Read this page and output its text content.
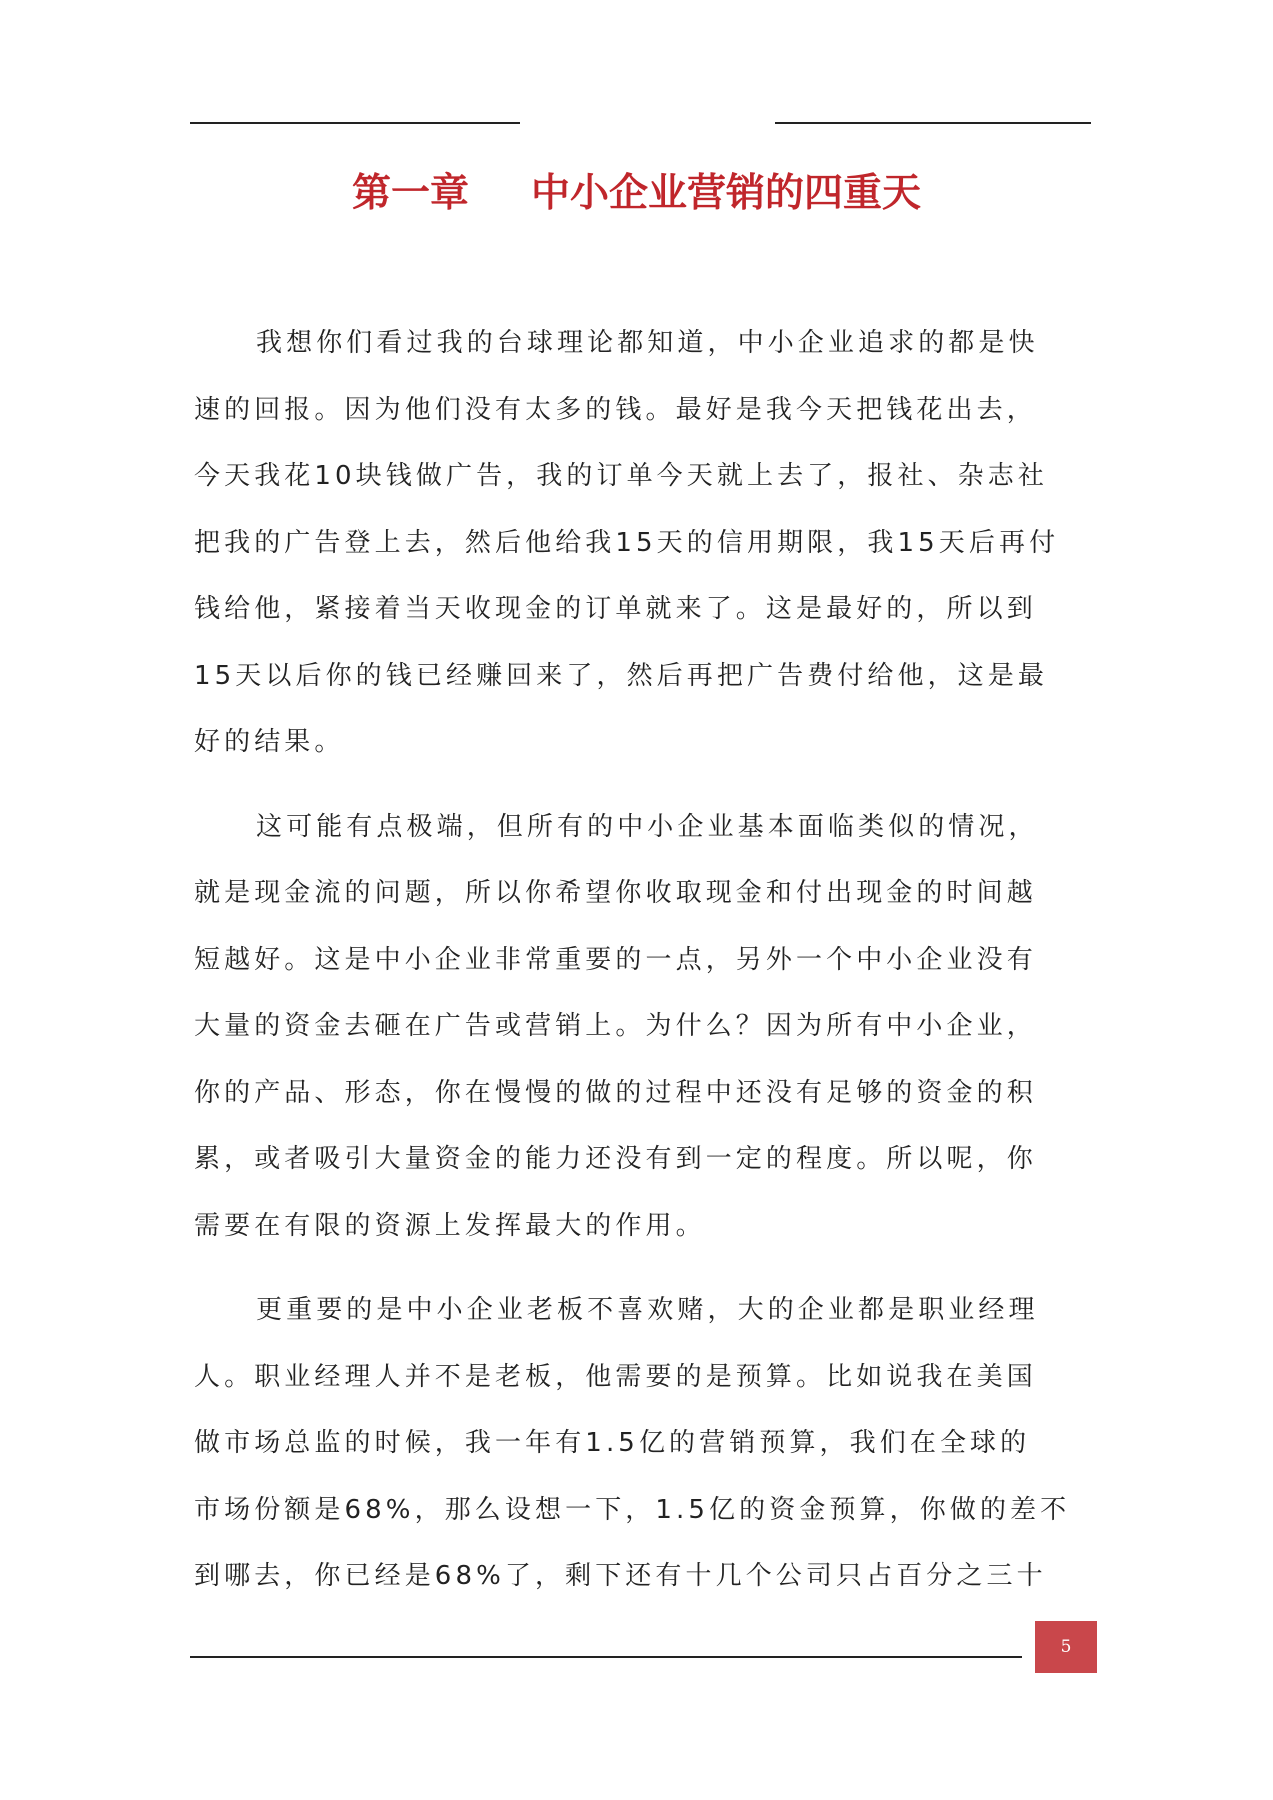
第一章 中小企业营销的四重天
我想你们看过我的台球理论都知道，中小企业追求的都是快
速的回报。因为他们没有太多的钱。最好是我今天把钱花出去，
今天我花10块钱做广告，我的订单今天就上去了，报社、杂志社
把我的广告登上去，然后他给我15天的信用期限，我15天后再付
钱给他，紧接着当天收现金的订单就来了。这是最好的，所以到
15天以后你的钱已经赚回来了，然后再把广告费付给他，这是最
好的结果。
这可能有点极端，但所有的中小企业基本面临类似的情况，
就是现金流的问题，所以你希望你收取现金和付出现金的时间越
短越好。这是中小企业非常重要的一点，另外一个中小企业没有
大量的资金去砸在广告或营销上。为什么？因为所有中小企业，
你的产品、形态，你在慢慢的做的过程中还没有足够的资金的积
累，或者吸引大量资金的能力还没有到一定的程度。所以呢，你
需要在有限的资源上发挥最大的作用。
更重要的是中小企业老板不喜欢赌，大的企业都是职业经理
人。职业经理人并不是老板，他需要的是预算。比如说我在美国
做市场总监的时候，我一年有1.5亿的营销预算，我们在全球的
市场份额是68%，那么设想一下，1.5亿的资金预算，你做的差不
到哪去，你已经是68%了，剩下还有十几个公司只占百分之三十
5
